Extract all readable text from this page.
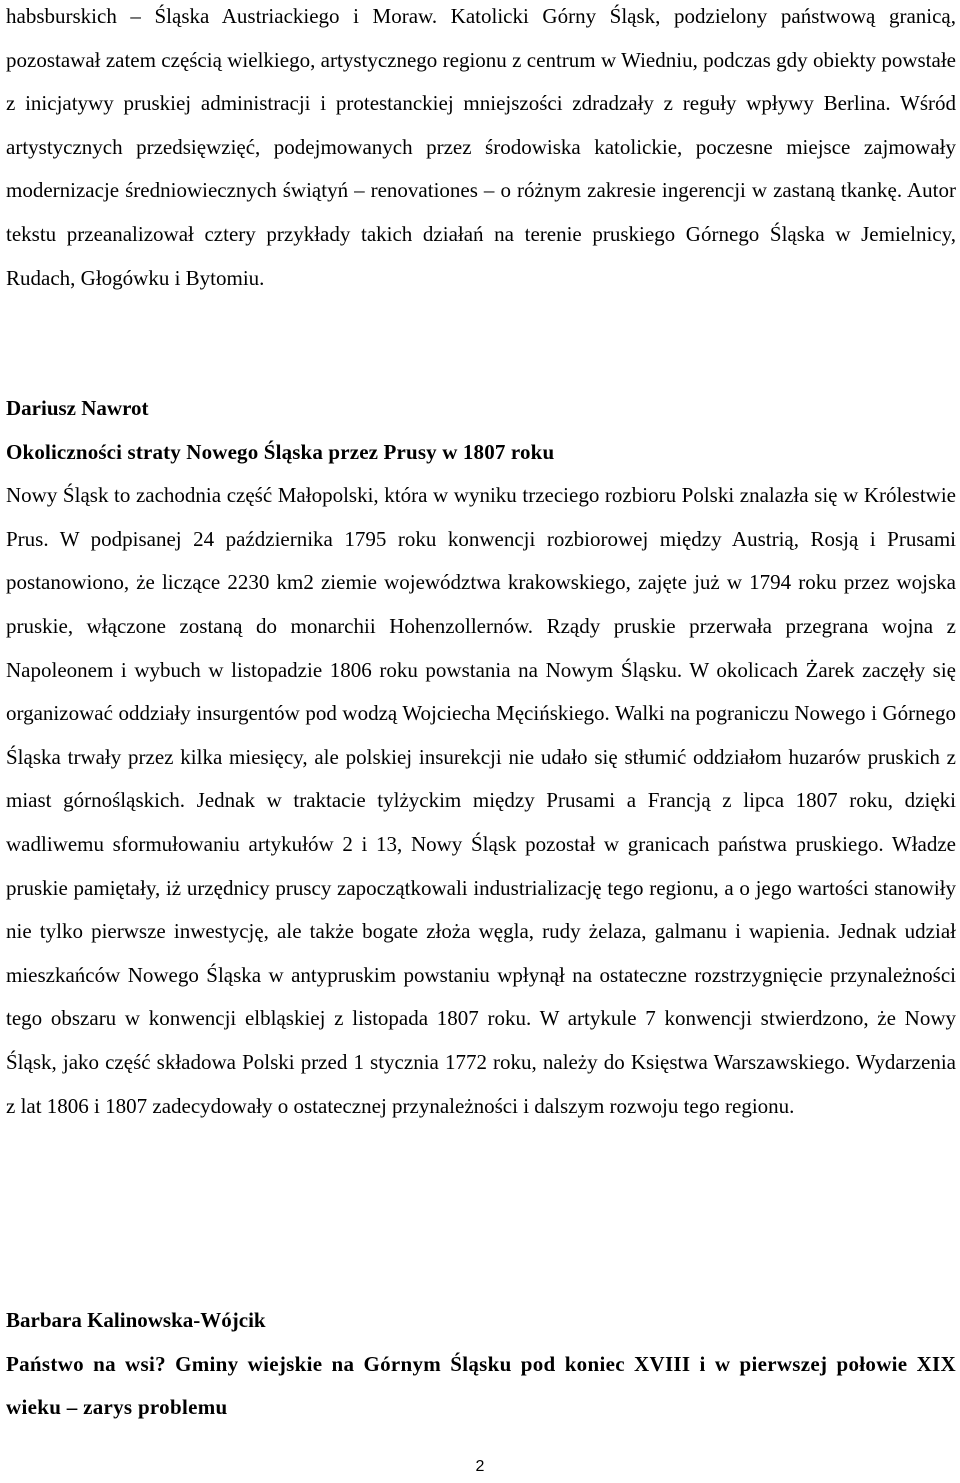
habsburskich – Śląska Austriackiego i Moraw. Katolicki Górny Śląsk, podzielony państwową granicą, pozostawał zatem częścią wielkiego, artystycznego regionu z centrum w Wiedniu, podczas gdy obiekty powstałe z inicjatywy pruskiej administracji i protestanckiej mniejszości zdradzały z reguły wpływy Berlina. Wśród artystycznych przedsięwzięć, podejmowanych przez środowiska katolickie, poczesne miejsce zajmowały modernizacje średniowiecznych świątyń – renovationes – o różnym zakresie ingerencji w zastaną tkankę. Autor tekstu przeanalizował cztery przykłady takich działań na terenie pruskiego Górnego Śląska w Jemielnicy, Rudach, Głogówku i Bytomiu.

Dariusz Nawrot

Okoliczności straty Nowego Śląska przez Prusy w 1807 roku

Nowy Śląsk to zachodnia część Małopolski, która w wyniku trzeciego rozbioru Polski znalazła się w Królestwie Prus. W podpisanej 24 października 1795 roku konwencji rozbiorowej między Austrią, Rosją i Prusami postanowiono, że liczące 2230 km2 ziemie województwa krakowskiego, zajęte już w 1794 roku przez wojska pruskie, włączone zostaną do monarchii Hohenzollernów. Rządy pruskie przerwała przegrana wojna z Napoleonem i wybuch w listopadzie 1806 roku powstania na Nowym Śląsku. W okolicach Żarek zaczęły się organizować oddziały insurgentów pod wodzą Wojciecha Męcińskiego. Walki na pograniczu Nowego i Górnego Śląska trwały przez kilka miesięcy, ale polskiej insurekcji nie udało się stłumić oddziałom huzarów pruskich z miast górnośląskich. Jednak w traktacie tylżyckim między Prusami a Francją z lipca 1807 roku, dzięki wadliwemu sformułowaniu artykułów 2 i 13, Nowy Śląsk pozostał w granicach państwa pruskiego. Władze pruskie pamiętały, iż urzędnicy pruscy zapoczątkowali industrializację tego regionu, a o jego wartości stanowiły nie tylko pierwsze inwestycję, ale także bogate złoża węgla, rudy żelaza, galmanu i wapienia. Jednak udział mieszkańców Nowego Śląska w antypruskim powstaniu wpłynął na ostateczne rozstrzygnięcie przynależności tego obszaru w konwencji elbląskiej z listopada 1807 roku. W artykule 7 konwencji stwierdzono, że Nowy Śląsk, jako część składowa Polski przed 1 stycznia 1772 roku, należy do Księstwa Warszawskiego. Wydarzenia z lat 1806 i 1807 zadecydowały o ostatecznej przynależności i dalszym rozwoju tego regionu.

Barbara Kalinowska-Wójcik

Państwo na wsi? Gminy wiejskie na Górnym Śląsku pod koniec XVIII i w pierwszej połowie XIX wieku – zarys problemu

2
